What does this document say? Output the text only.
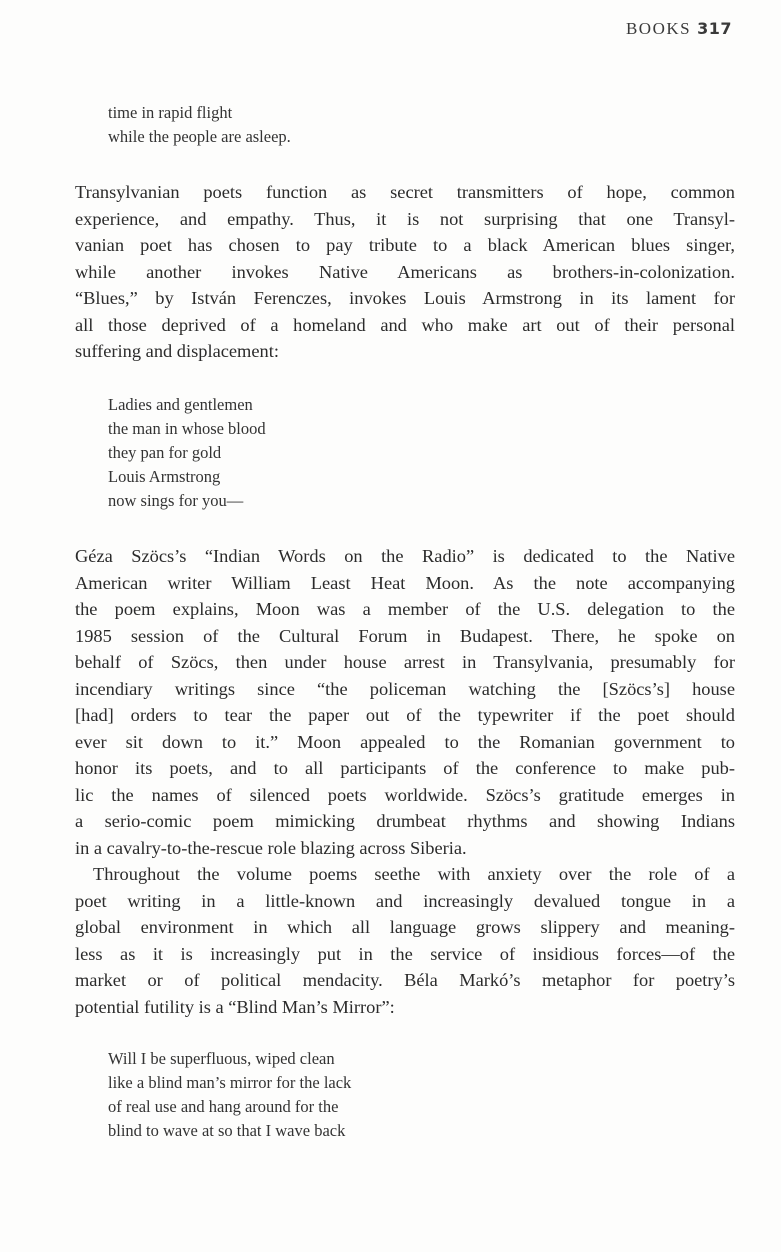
BOOKS 317
time in rapid flight
while the people are asleep.
Transylvanian poets function as secret transmitters of hope, common
experience, and empathy. Thus, it is not surprising that one Transyl-
vanian poet has chosen to pay tribute to a black American blues singer,
while another invokes Native Americans as brothers-in-colonization.
“Blues,” by István Ferenczes, invokes Louis Armstrong in its lament for
all those deprived of a homeland and who make art out of their personal
suffering and displacement:
Ladies and gentlemen
the man in whose blood
they pan for gold
Louis Armstrong
now sings for you—
Géza Szöcs’s “Indian Words on the Radio” is dedicated to the Native
American writer William Least Heat Moon. As the note accompanying
the poem explains, Moon was a member of the U.S. delegation to the
1985 session of the Cultural Forum in Budapest. There, he spoke on
behalf of Szöcs, then under house arrest in Transylvania, presumably for
incendiary writings since “the policeman watching the [Szöcs’s] house
[had] orders to tear the paper out of the typewriter if the poet should
ever sit down to it.” Moon appealed to the Romanian government to
honor its poets, and to all participants of the conference to make pub-
lic the names of silenced poets worldwide. Szöcs’s gratitude emerges in
a serio-comic poem mimicking drumbeat rhythms and showing Indians
in a cavalry-to-the-rescue role blazing across Siberia.
Throughout the volume poems seethe with anxiety over the role of a
poet writing in a little-known and increasingly devalued tongue in a
global environment in which all language grows slippery and meaning-
less as it is increasingly put in the service of insidious forces—of the
market or of political mendacity. Béla Markó’s metaphor for poetry’s
potential futility is a “Blind Man’s Mirror”:
Will I be superfluous, wiped clean
like a blind man’s mirror for the lack
of real use and hang around for the
blind to wave at so that I wave back
